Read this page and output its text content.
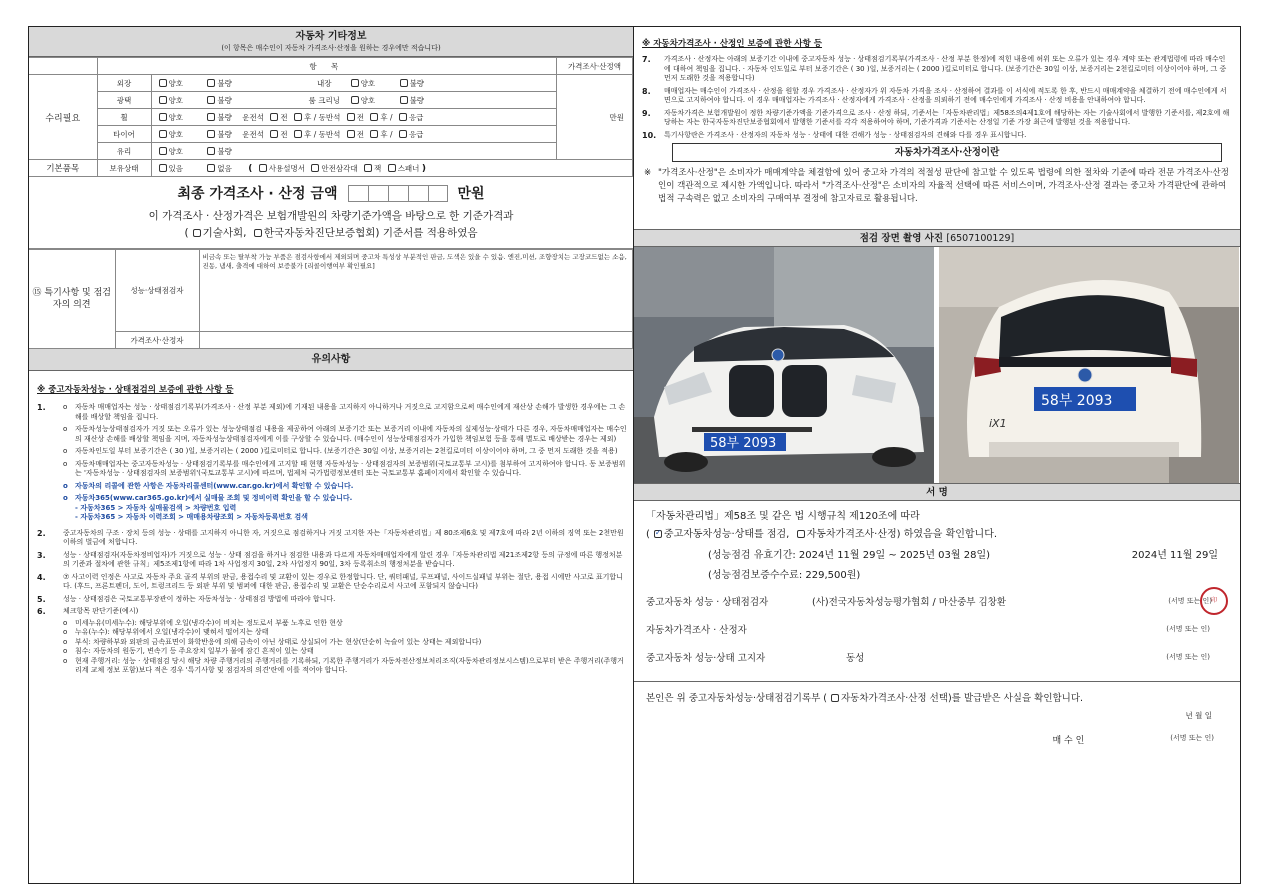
자동차 기타정보
(이 항목은 매수인이 자동차 가격조사·산정을 원하는 경우에만 적습니다)
	항 목		가격조사·산정액
수리필요	외장	양호 불량 내장 양호 불량	만원
	광택	양호 불량 룸 크리닝 양호 불량	
	휠	양호 불량 운전석 전 후 / 동반석 전 후 / 응급	
	타이어	양호 불량 운전석 전 후 / 동반석 전 후 / 응급	
	유리	양호 불량	
기본품목	보유상태	있음 없음 ( 사용설명서 안전삼각대 잭 스패너 )	
최종 가격조사 · 산정 금액	만원
이 가격조사 · 산정가격은 보험개발원의 차량기준가액을 바탕으로 한 기준가격과
( 기술사회, 한국자동차진단보증협회) 기준서를 적용하였음
⑮ 특기사항 및 점검자의 의견	성능·상태점검자	비금속 또는 탈부착 가능 부품은 점검사항에서 제외되며 중고차 특성상 부분적인 판금, 도색은 있을 수 있음. 엔진,미션, 조향장치는 고장코드없는 소음, 진동, 냄새, 출격에 대하여 보증불가 [리콜이행여부 확인필요]
	가격조사·산정자	
유의사항
※ 중고자동차성능 · 상태점검의 보증에 관한 사항 등
1.	o	자동차 매매업자는 성능 · 상태점검기록부(가격조사 · 산정 부분 제외)에 기재된 내용을 고지하지 아니하거나 거짓으로 고지함으로써 매수인에게 재산상 손해가 발생한 경우에는 그 손해를 배상할 책임을 집니다.
o	자동차성능상태점검자가 거짓 또는 오류가 있는 성능상태점검 내용을 제공하여 아래의 보증기간 또는 보증거리 이내에 자동차의 실제성능·상태가 다른 경우, 자동차매매업자는 매수인의 재산상 손해를 배상할 책임을 지며, 자동차성능상태점검자에게 이를 구상할 수 있습니다. (매수인이 성능상태점검자가 가입한 책임보험 등을 통해 별도로 배상받는 경우는 제외)
o	자동차인도일 부터 보증기간은 ( 30 )일, 보증거리는 ( 2000 )킬로미터로 합니다. (보증기간은 30일 이상, 보증거리는 2천킬로미터 이상이어야 하며, 그 중 먼저 도래한 것을 적용)
o	자동차매매업자는 중고자동차성능 · 상태점검기록부를 매수인에게 고지할 때 현행 자동차성능 · 상태점검자의 보증범위(국토교통부 고시)를 첨부하여 고지하여야 합니다. 동 보증범위는 '자동차성능 · 상태점검자의 보증범위'(국토교통부 고시)에 따르며, 법제처 국가법령정보센터 또는 국토교통부 홈페이지에서 확인할 수 있습니다.
o	자동차의 리콜에 관한 사항은 자동차리콜센터(www.car.go.kr)에서 확인할 수 있습니다.
o	자동차365(www.car365.go.kr)에서 실매물 조회 및 정비이력 확인을 할 수 있습니다.
- 자동차365 > 자동차 실매물검색 > 차량번호 입력
- 자동차365 > 자동차 이력조회 > 매매용차량조회 > 자동차등록번호 검색
2.	중고자동차의 구조 · 장치 등의 성능 · 상태를 고지하지 아니한 자, 거짓으로 점검하거나 거짓 고지한 자는「자동차관리법」제 80조제6호 및 제7호에 따라 2년 이하의 징역 또는 2천만원 이하의 벌금에 처합니다.
3.	성능 · 상태점검자(자동차정비업자)가 거짓으로 성능 · 상태 점검을 하거나 점검한 내용과 다르게 자동차매매업자에게 알린 경우「자동차관리법 제21조제2항 등의 규정에 따른 행정처분의 기준과 절차에 관한 규칙」제5조제1항에 따라 1차 사업정지 30일, 2차 사업정지 90일, 3차 등록취소의 행정처분을 받습니다.
4.	⑦ 사고이력 인정은 사고로 자동차 주요 골격 부위의 판금, 용접수리 및 교환이 있는 경우로 한정합니다. 단, 쿼터패널, 루프패널, 사이드실패널 부위는 절단, 용접 시에만 사고로 표기합니다. (후드, 프론트펜더, 도어, 트렁크리드 등 외판 부위 및 범퍼에 대한 판금, 용접수리 및 교환은 단순수리로서 사고에 포함되지 않습니다)
5.	성능 · 상태점검은 국토교통부장관이 정하는 자동차성능 · 상태점검 방법에 따라야 합니다.
6.	체크항목 판단기준(예시)
o	미세누유(미세누수): 해당부위에 오일(냉각수)이 비치는 정도로서 부품 노후로 인한 현상
o	누유(누수): 해당부위에서 오일(냉각수)이 맺혀서 떨어지는 상태
o	부식: 차량하부와 외판의 금속표면이 화학반응에 의해 금속이 아닌 상태로 상실되어 가는 현상(단순히 녹슬어 있는 상태는 제외합니다)
o	침수: 자동차의 원동기, 변속기 등 주요장치 일부가 물에 잠긴 흔적이 있는 상태
o	현재 주행거리: 성능 · 상태점검 당시 해당 차량 주행거리의 주행거리를 기록하되, 기록한 주행거리가 자동차전산정보처리조직(자동차관리정보시스템)으로부터 받은 주행거리(주행거리계 교체 정보 포함)보다 적은 경우 '특기사항 및 점검자의 의견'란에 이를 적어야 합니다.
※ 자동차가격조사 · 산정인 보증에 관한 사항 등
7.	가격조사 · 산정자는 아래의 보증기간 이내에 중고자동차 성능 · 상태점검기록부(가격조사 · 산정 부분 한정)에 적힌 내용에 허위 또는 오류가 있는 경우 계약 또는 관계법령에 따라 매수인에 대하여 책임을 집니다. · 자동차 인도일로 부터 보증기간은 ( 30 )일, 보증거리는 ( 2000 )킬로미터로 합니다. (보증기간은 30일 이상, 보증거리는 2천킬로미터 이상이어야 하며, 그 중 먼저 도래한 것을 적용합니다)
8.	매매업자는 매수인이 가격조사 · 산정을 원할 경우 가격조사 · 산정자가 위 자동차 가격을 조사 · 산정하여 결과를 이 서식에 적도록 한 후, 반드시 매매계약을 체결하기 전에 매수인에게 서면으로 고지하여야 합니다. 이 경우 매매업자는 가격조사 · 산정자에게 가격조사 · 산정을 의뢰하기 전에 매수인에게 가격조사 · 산정 비용을 안내하여야 합니다.
9.	자동차가격은 보험개발원이 정한 차량기준가액을 기준가격으로 조사 · 산정 하되, 기준서는「자동차관리법」제58조의4제1호에 해당하는 자는 기술사회에서 발행한 기준서를, 제2호에 해당하는 자는 한국자동차진단보증협회에서 발행한 기준서를 각각 적용하여야 하며, 기준가격과 기준서는 산정일 기준 가장 최근에 발행된 것을 적용합니다.
10.	특기사항란은 가격조사 · 산정자의 자동차 성능 · 상태에 대한 견해가 성능 · 상태점검자의 견해와 다를 경우 표시합니다.
자동차가격조사·산정이란
※ "가격조사·산정"은 소비자가 매매계약을 체결함에 있어 중고차 가격의 적절성 판단에 참고할 수 있도록 법령에 의한 절차와 기준에 따라 전문 가격조사·산정인이 객관적으로 제시한 가액입니다. 따라서 "가격조사·산정"은 소비자의 자율적 선택에 따른 서비스이며, 가격조사·산정 결과는 중고차 가격판단에 관하여 법적 구속력은 없고 소비자의 구매여부 결정에 참고자료로 활용됩니다.
점검 장면 촬영 사진 [6507100129]
58부 2093
58부 2093
iX1
서 명
「자동차관리법」제58조 및 같은 법 시행규칙 제120조에 따라
( ✓ 중고자동차성능·상태를 점검, 자동차가격조사·산정) 하였음을 확인합니다.
(성능점검 유효기간: 2024년 11월 29일 ~ 2025년 03월 28일)	2024년 11월 29일
(성능점검보증수수료: 229,500원)
중고자동차 성능 · 상태점검자	(사)전국자동차성능평가협회 / 마산중부 김창환	(서명 또는 인)
印
자동차가격조사 · 산정자	(서명 또는 인)
중고자동차 성능·상태 고지자	동성	(서명 또는 인)
본인은 위 중고자동차성능·상태점검기록부 ( 자동차가격조사·산정 선택)를 발급받은 사실을 확인합니다.
년 월 일
매 수 인	(서명 또는 인)
